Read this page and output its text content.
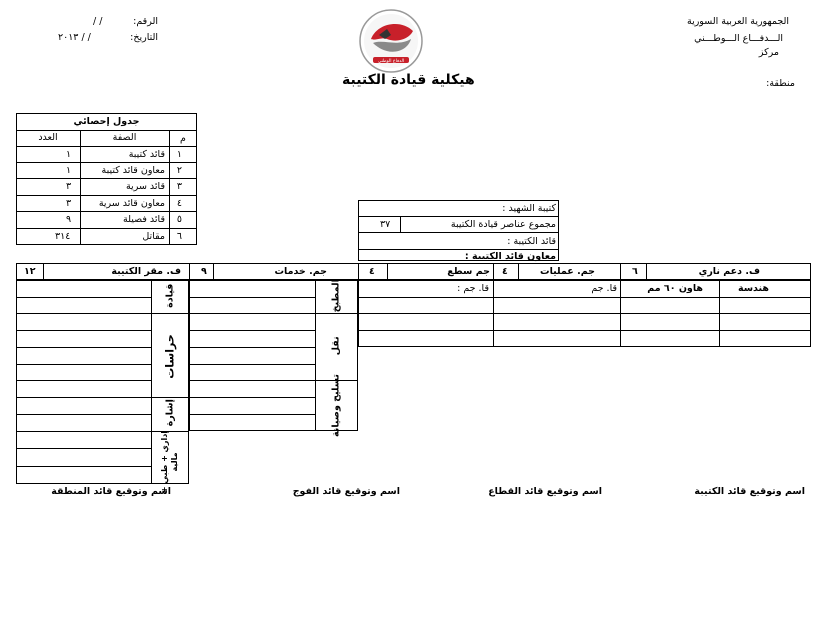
الجمهورية العربية السورية
الـــدفـــاع الـــوطـــني
مركز
منطقة:
الرقم:
/ /
التاريخ:
/ / ٢٠١٣
الدفاع الوطني
هيكلية قيادة الكتيبة
جدول إحصائي
م
الصفة
العدد
١
قائد كتيبة
١
٢
معاون قائد كتيبة
١
٣
قائد سرية
٣
٤
معاون قائد سرية
٣
٥
قائد فصيلة
٩
٦
مقاتل
٣١٤
كتيبة الشهيد :
مجموع عناصر قيادة الكتيبة
٣٧
قائد الكتيبة :
معاون قائد الكتيبة :
ف. دعم ناري
٦
جم. عمليات
٤
جم سطع
٤
جم. خدمات
٩
ف. مقر الكتيبة
١٢
هندسة
هاون ٦٠ مم
قا. جم
قا. جم :
المطبخ
نقل
تسليح وصيانة
قيادة
حراسات
إشارة
إداري + طبي + مالية
اسم وتوقيع قائد الكتيبة
اسم وتوقيع قائد القطاع
اسم وتوقيع قائد الفوج
اسم وتوقيع قائد المنطقة
